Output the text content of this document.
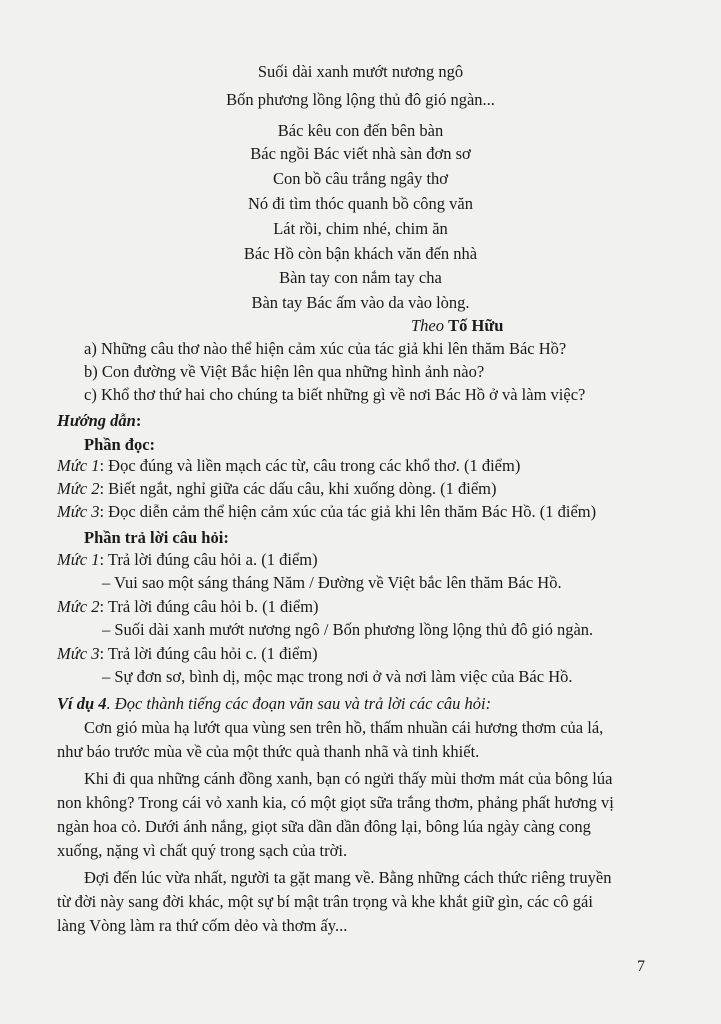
Suối dài xanh mướt nương ngô
Bốn phương lồng lộng thủ đô gió ngàn...
Bác kêu con đến bên bàn
Bác ngồi Bác viết nhà sàn đơn sơ
Con bồ câu trắng ngây thơ
Nó đi tìm thóc quanh bồ công văn
Lát rồi, chim nhé, chim ăn
Bác Hồ còn bận khách văn đến nhà
Bàn tay con nắm tay cha
Bàn tay Bác ấm vào da vào lòng.
Theo Tố Hữu
a) Những câu thơ nào thể hiện cảm xúc của tác giả khi lên thăm Bác Hồ?
b) Con đường về Việt Bắc hiện lên qua những hình ảnh nào?
c) Khổ thơ thứ hai cho chúng ta biết những gì về nơi Bác Hồ ở và làm việc?
Hướng dẫn:
Phần đọc:
Mức 1: Đọc đúng và liền mạch các từ, câu trong các khổ thơ. (1 điểm)
Mức 2: Biết ngắt, nghỉ giữa các dấu câu, khi xuống dòng. (1 điểm)
Mức 3: Đọc diễn cảm thể hiện cảm xúc của tác giả khi lên thăm Bác Hồ. (1 điểm)
Phần trả lời câu hỏi:
Mức 1: Trả lời đúng câu hỏi a. (1 điểm)
– Vui sao một sáng tháng Năm / Đường về Việt bắc lên thăm Bác Hồ.
Mức 2: Trả lời đúng câu hỏi b. (1 điểm)
– Suối dài xanh mướt nương ngô / Bốn phương lồng lộng thủ đô gió ngàn.
Mức 3: Trả lời đúng câu hỏi c. (1 điểm)
– Sự đơn sơ, bình dị, mộc mạc trong nơi ở và nơi làm việc của Bác Hồ.
Ví dụ 4. Đọc thành tiếng các đoạn văn sau và trả lời các câu hỏi:
Cơn gió mùa hạ lướt qua vùng sen trên hồ, thấm nhuần cái hương thơm của lá,
như báo trước mùa về của một thức quà thanh nhã và tinh khiết.
Khi đi qua những cánh đồng xanh, bạn có ngửi thấy mùi thơm mát của bông lúa
non không? Trong cái vỏ xanh kia, có một giọt sữa trắng thơm, phảng phất hương vị
ngàn hoa cỏ. Dưới ánh nắng, giọt sữa dần dần đông lại, bông lúa ngày càng cong
xuống, nặng vì chất quý trong sạch của trời.
Đợi đến lúc vừa nhất, người ta gặt mang về. Bằng những cách thức riêng truyền
từ đời này sang đời khác, một sự bí mật trân trọng và khe khắt giữ gìn, các cô gái
làng Vòng làm ra thứ cốm dẻo và thơm ấy...
7
